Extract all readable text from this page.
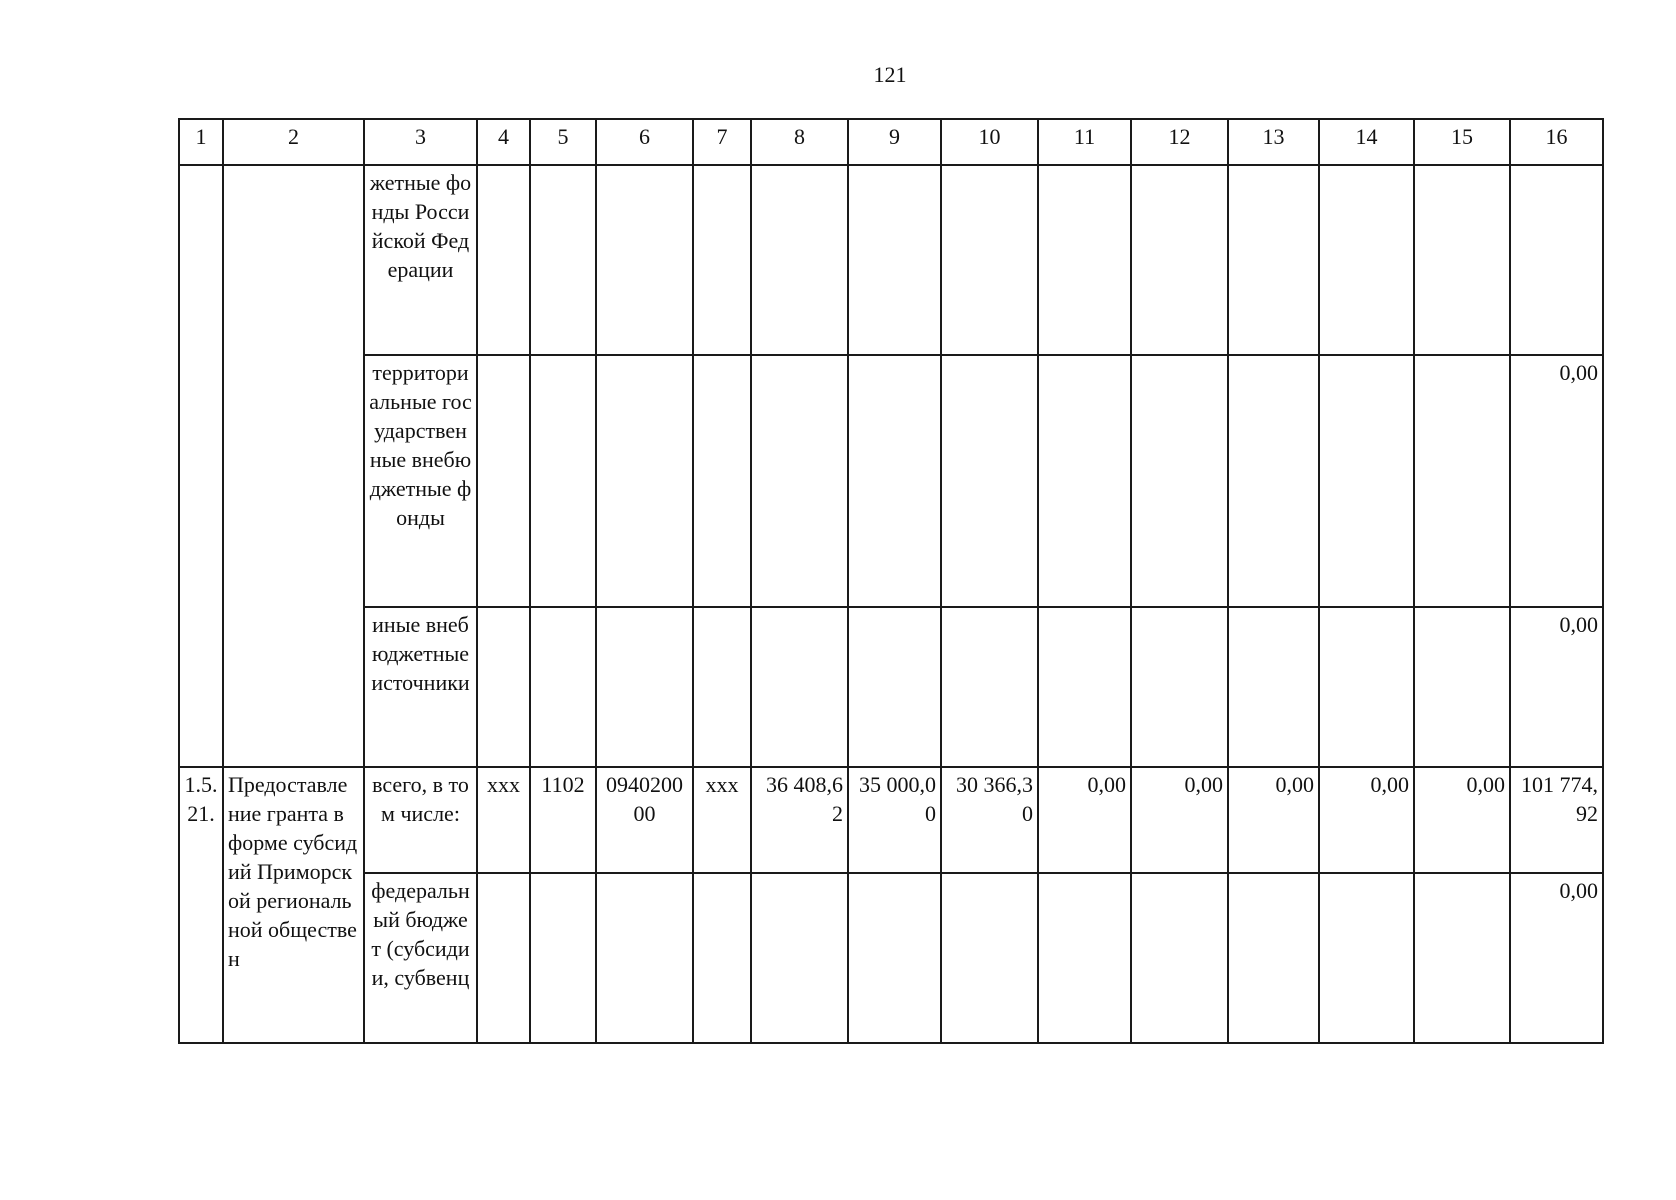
121
1	2	3	4	5	6	7	8	9	10	11	12	13	14	15	16
		жетные фонды Российской Федерации													
		территориальные государственные внебюджетные фонды													0,00
		иные внебюджетные источники													0,00
1.5.21.	Предоставление гранта в форме субсидий Приморской региональной обществен	всего, в том числе:	ххх	1102	094020000	ххх	36 408,62	35 000,00	30 366,30	0,00	0,00	0,00	0,00	0,00	101 774,92
		федеральный бюджет (субсидии, субвенц													0,00
